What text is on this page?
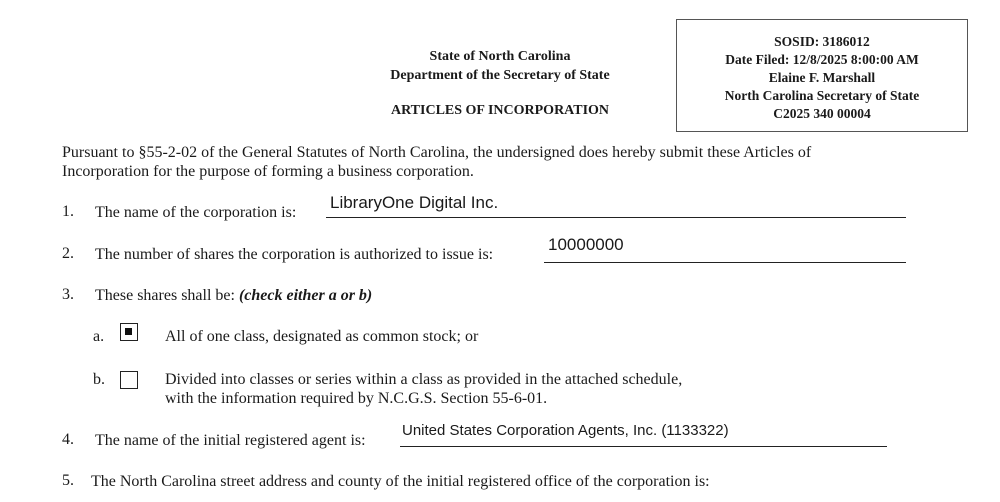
State of North Carolina
Department of the Secretary of State
ARTICLES OF INCORPORATION
SOSID: 3186012
Date Filed: 12/8/2025 8:00:00 AM
Elaine F. Marshall
North Carolina Secretary of State
C2025 340 00004
Pursuant to §55-2-02 of the General Statutes of North Carolina, the undersigned does hereby submit these Articles of
Incorporation for the purpose of forming a business corporation.
1. The name of the corporation is:
LibraryOne Digital Inc.
2. The number of shares the corporation is authorized to issue is:
10000000
3. These shares shall be: (check either a or b)
a.	All of one class, designated as common stock; or
b.	Divided into classes or series within a class as provided in the attached schedule,
with the information required by N.C.G.S. Section 55-6-01.
4. The name of the initial registered agent is:
United States Corporation Agents, Inc. (1133322)
5. The North Carolina street address and county of the initial registered office of the corporation is:
